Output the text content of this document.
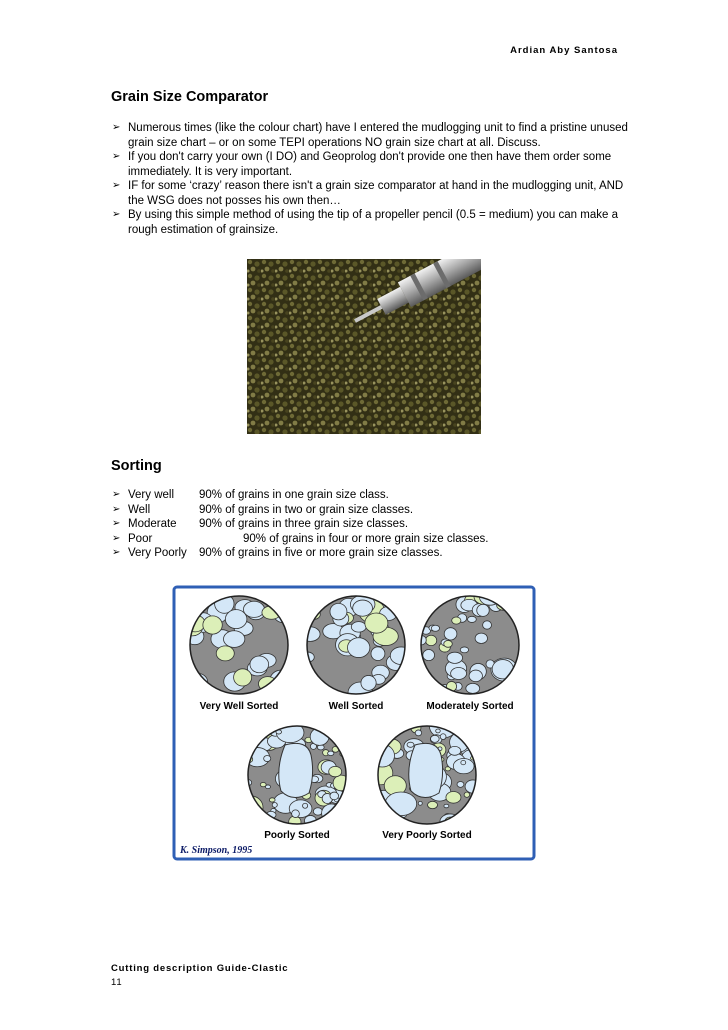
Ardian Aby Santosa
Grain Size Comparator
➢ Numerous times (like the colour chart) have I entered the mudlogging unit to find a pristine unused grain size chart – or on some TEPI operations NO grain size chart at all. Discuss.
➢ If you don't carry your own (I DO) and Geoprolog don't provide one then have them order some immediately. It is very important.
➢ IF for some ‘crazy’ reason there isn't a grain size comparator at hand in the mudlogging unit, AND the WSG does not posses his own then…
➢ By using this simple method of using the tip of a propeller pencil (0.5 = medium) you can make a rough estimation of grainsize.
Sorting
➢ Very well	90% of grains in one grain size class.
➢ Well	90% of grains in two or grain size classes.
➢ Moderate	90% of grains in three grain size classes.
➢ Poor	90% of grains in four or more grain size classes.
➢ Very Poorly	90% of grains in five or more grain size classes.
Very Well Sorted	Well Sorted	Moderately Sorted
Poorly Sorted	Very Poorly Sorted
K. Simpson, 1995
Cutting description Guide-Clastic
11
